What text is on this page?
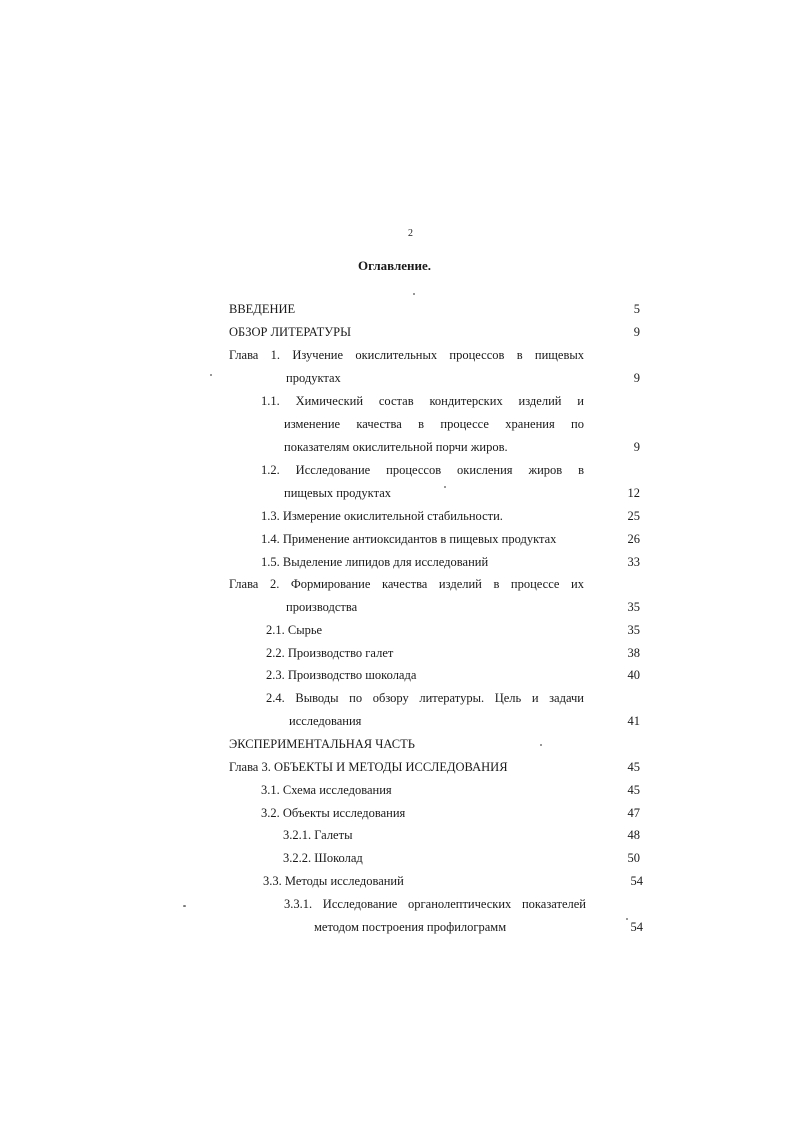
2
Оглавление.
ВВЕДЕНИЕ	5
ОБЗОР ЛИТЕРАТУРЫ	9
Глава 1. Изучение окислительных процессов в пищевых
продуктах	9
1.1. Химический состав кондитерских изделий и
изменение качества в процессе хранения по
показателям окислительной порчи жиров.	9
1.2. Исследование процессов окисления жиров в
пищевых продуктах	12
1.3. Измерение окислительной стабильности.	25
1.4. Применение антиоксидантов в пищевых продуктах	26
1.5. Выделение липидов для исследований	33
Глава 2. Формирование качества изделий в процессе их
производства	35
2.1. Сырье	35
2.2. Производство галет	38
2.3. Производство шоколада	40
2.4. Выводы по обзору литературы. Цель и задачи
исследования	41
ЭКСПЕРИМЕНТАЛЬНАЯ ЧАСТЬ
Глава 3. ОБЪЕКТЫ И МЕТОДЫ ИССЛЕДОВАНИЯ	45
3.1. Схема исследования	45
3.2. Объекты исследования	47
3.2.1. Галеты	48
3.2.2. Шоколад	50
3.3. Методы исследований	54
3.3.1. Исследование органолептических показателей
методом построения профилограмм	54
